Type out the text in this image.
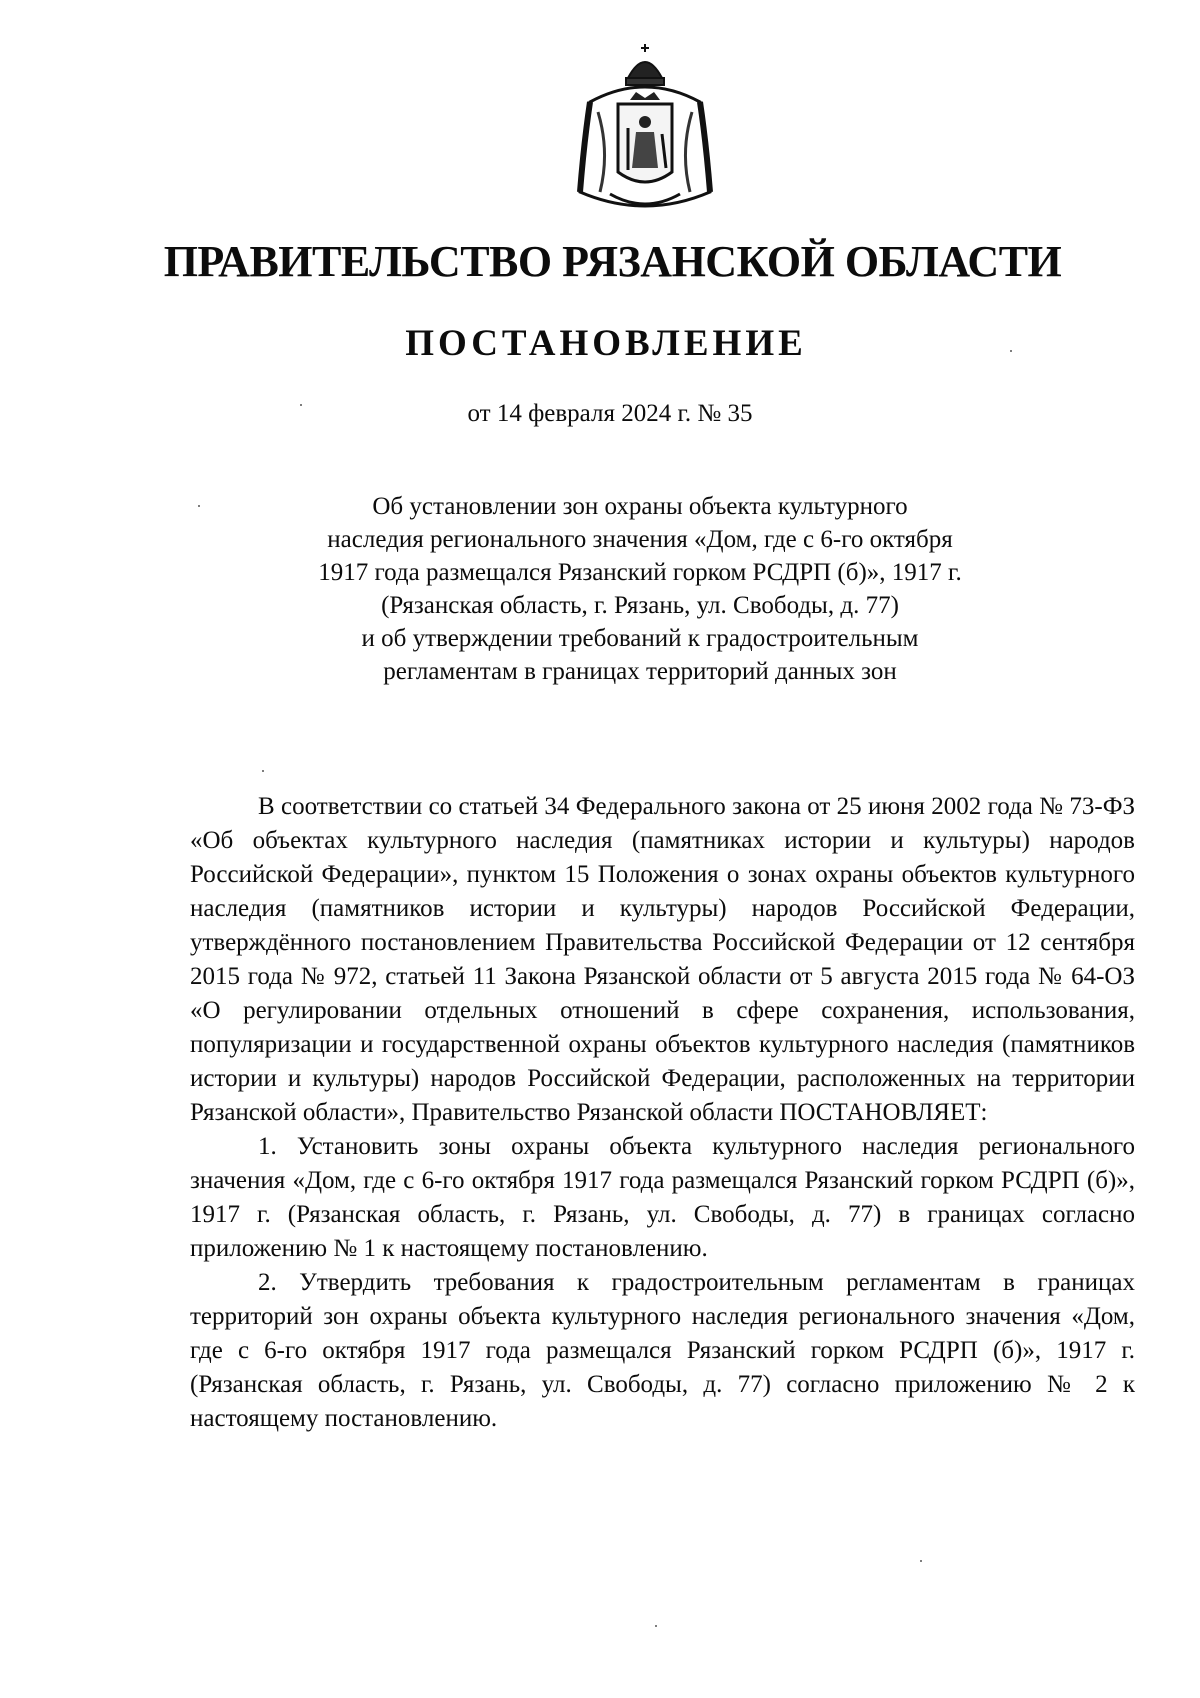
ПРАВИТЕЛЬСТВО РЯЗАНСКОЙ ОБЛАСТИ
ПОСТАНОВЛЕНИЕ
от 14 февраля 2024 г. № 35
Об установлении зон охраны объекта культурного
наследия регионального значения «Дом, где с 6-го октября
1917 года размещался Рязанский горком РСДРП (б)», 1917 г.
(Рязанская область, г. Рязань, ул. Свободы, д. 77)
и об утверждении требований к градостроительным
регламентам в границах территорий данных зон

В соответствии со статьей 34 Федерального закона от 25 июня 2002 года № 73-ФЗ «Об объектах культурного наследия (памятниках истории и культуры) народов Российской Федерации», пунктом 15 Положения о зонах охраны объектов культурного наследия (памятников истории и культуры) народов Российской Федерации, утверждённого постановлением Правительства Российской Федерации от 12 сентября 2015 года № 972, статьей 11 Закона Рязанской области от 5 августа 2015 года № 64-ОЗ «О регулировании отдельных отношений в сфере сохранения, использования, популяризации и государственной охраны объектов культурного наследия (памятников истории и культуры) народов Российской Федерации, расположенных на территории Рязанской области», Правительство Рязанской области ПОСТАНОВЛЯЕТ:

1. Установить зоны охраны объекта культурного наследия регионального значения «Дом, где с 6-го октября 1917 года размещался Рязанский горком РСДРП (б)», 1917 г. (Рязанская область, г. Рязань, ул. Свободы, д. 77) в границах согласно приложению № 1 к настоящему постановлению.

2. Утвердить требования к градостроительным регламентам в границах территорий зон охраны объекта культурного наследия регионального значения «Дом, где с 6-го октября 1917 года размещался Рязанский горком РСДРП (б)», 1917 г. (Рязанская область, г. Рязань, ул. Свободы, д. 77) согласно приложению № 2 к настоящему постановлению.
